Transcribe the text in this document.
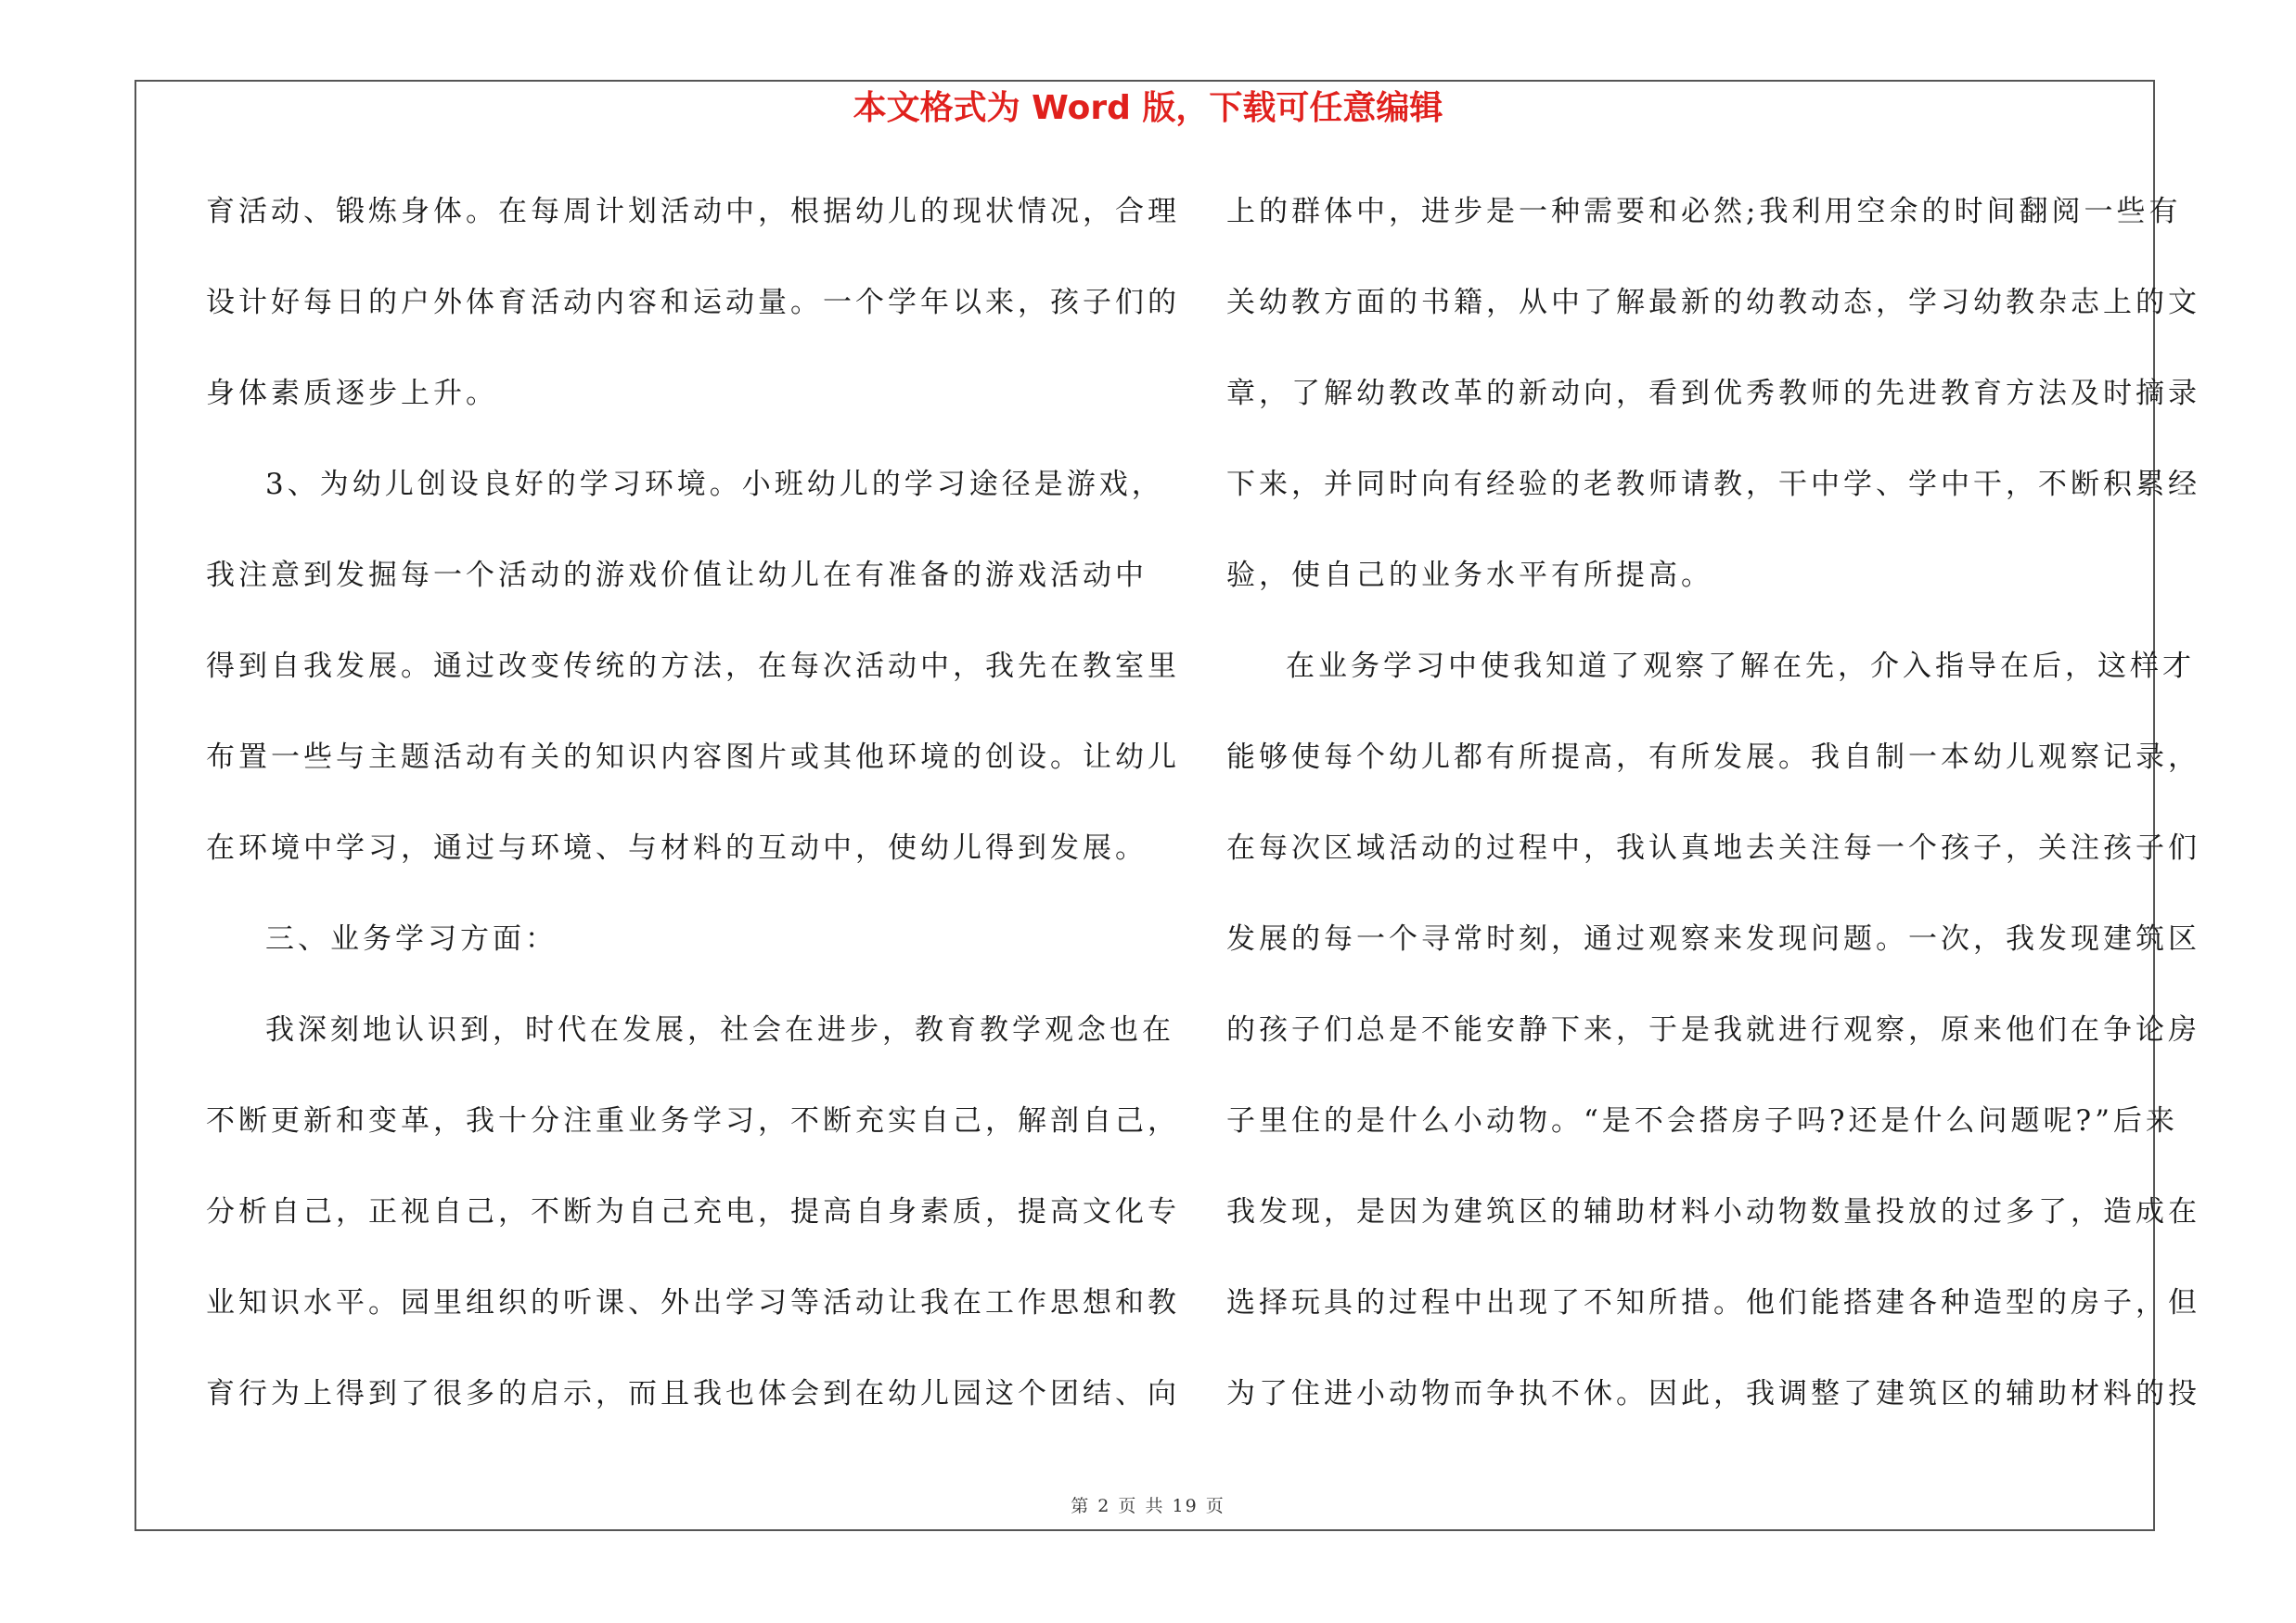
本文格式为 Word 版，下载可任意编辑
育活动、锻炼身体。在每周计划活动中，根据幼儿的现状情况，合理
设计好每日的户外体育活动内容和运动量。一个学年以来，孩子们的
身体素质逐步上升。
3、为幼儿创设良好的学习环境。小班幼儿的学习途径是游戏，
我注意到发掘每一个活动的游戏价值让幼儿在有准备的游戏活动中
得到自我发展。通过改变传统的方法，在每次活动中，我先在教室里
布置一些与主题活动有关的知识内容图片或其他环境的创设。让幼儿
在环境中学习，通过与环境、与材料的互动中，使幼儿得到发展。
三、业务学习方面：
我深刻地认识到，时代在发展，社会在进步，教育教学观念也在
不断更新和变革，我十分注重业务学习，不断充实自己，解剖自己，
分析自己，正视自己，不断为自己充电，提高自身素质，提高文化专
业知识水平。园里组织的听课、外出学习等活动让我在工作思想和教
育行为上得到了很多的启示，而且我也体会到在幼儿园这个团结、向
上的群体中，进步是一种需要和必然;我利用空余的时间翻阅一些有
关幼教方面的书籍，从中了解最新的幼教动态，学习幼教杂志上的文
章，了解幼教改革的新动向，看到优秀教师的先进教育方法及时摘录
下来，并同时向有经验的老教师请教，干中学、学中干，不断积累经
验，使自己的业务水平有所提高。
在业务学习中使我知道了观察了解在先，介入指导在后，这样才
能够使每个幼儿都有所提高，有所发展。我自制一本幼儿观察记录，
在每次区域活动的过程中，我认真地去关注每一个孩子，关注孩子们
发展的每一个寻常时刻，通过观察来发现问题。一次，我发现建筑区
的孩子们总是不能安静下来，于是我就进行观察，原来他们在争论房
子里住的是什么小动物。“是不会搭房子吗?还是什么问题呢?”后来
我发现，是因为建筑区的辅助材料小动物数量投放的过多了，造成在
选择玩具的过程中出现了不知所措。他们能搭建各种造型的房子，但
为了住进小动物而争执不休。因此，我调整了建筑区的辅助材料的投
第 2 页 共 19 页
